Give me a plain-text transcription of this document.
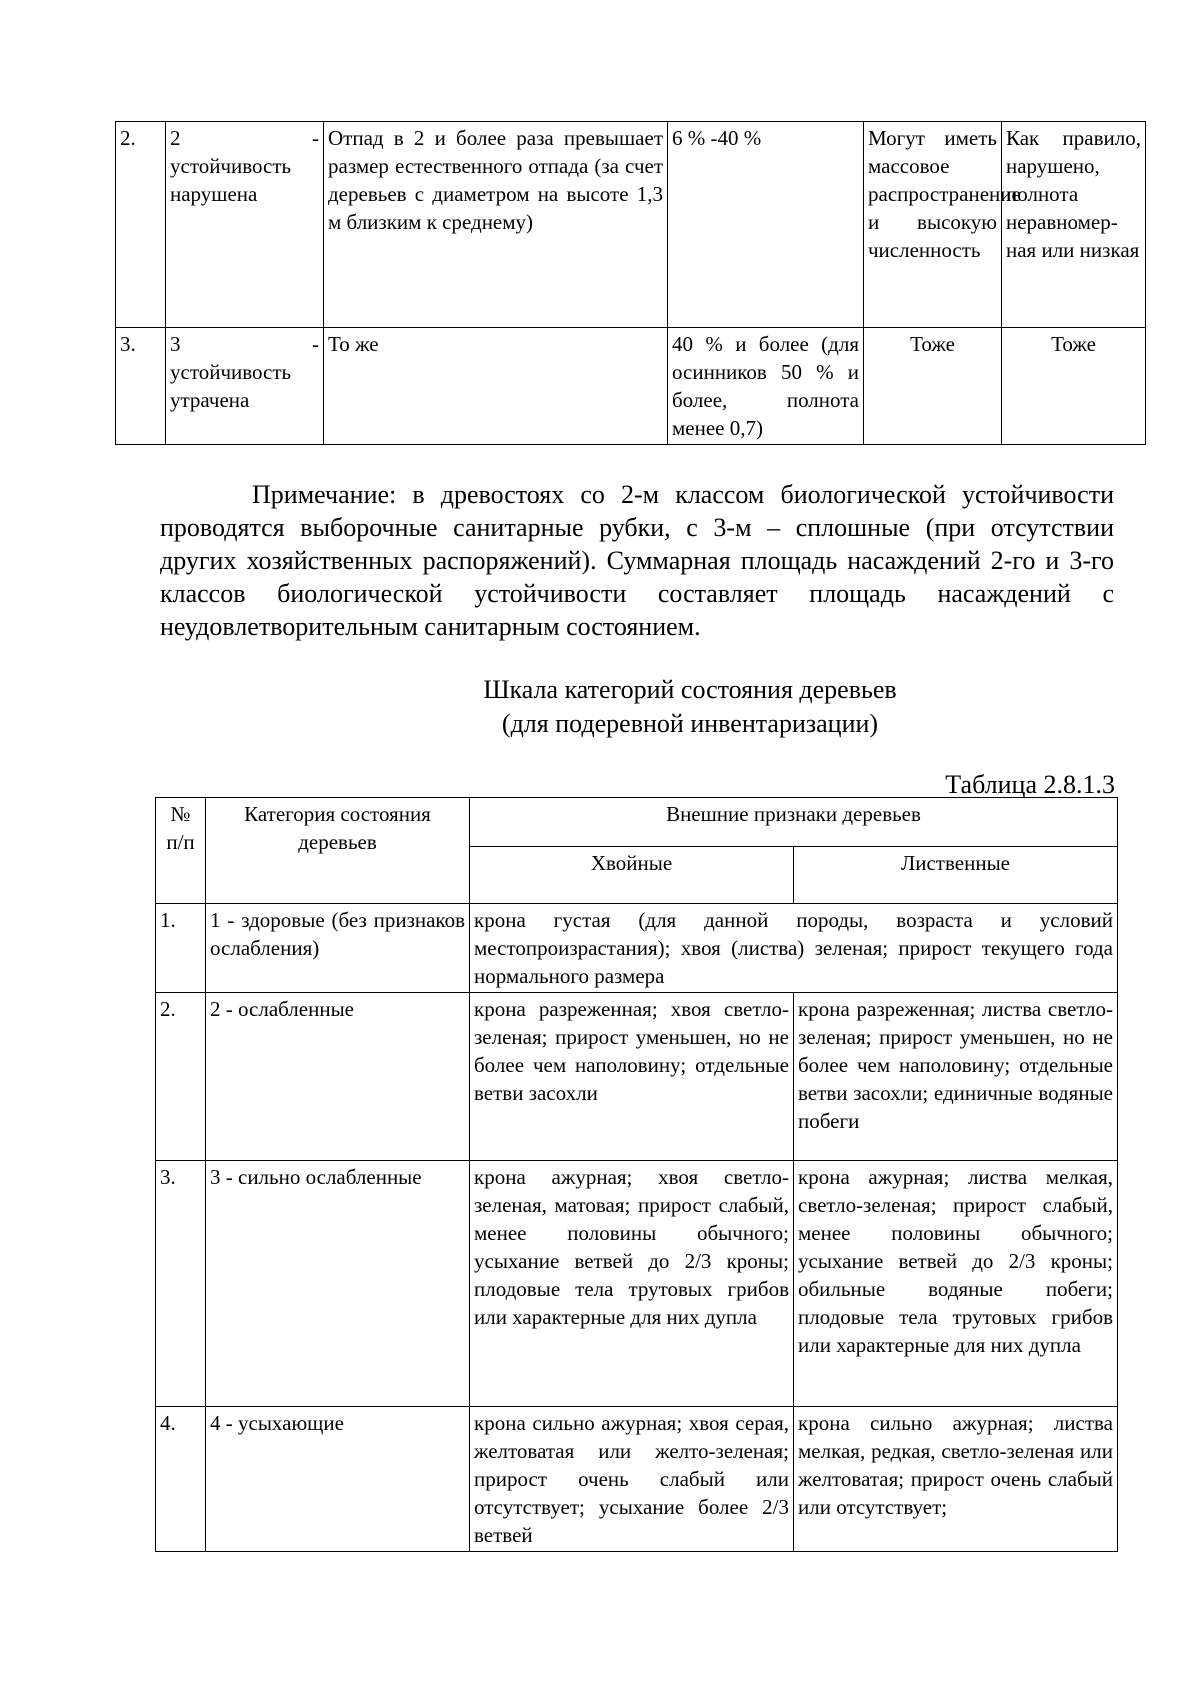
2.	2 - устойчивость нарушена	Отпад в 2 и более раза превышает размер естественного отпада (за счет деревьев с диаметром на высоте 1,3 м близким к среднему)	6 % -40 %	Могут иметь массовое распространение и высокую численность	Как правило, нарушено, полнота неравномер- ная или низкая
3.	3 - устойчивость утрачена	То же	40 % и более (для осинников 50 % и более, полнота менее 0,7)	Тоже	Тоже

Примечание: в древостоях со 2-м классом биологической устойчивости проводятся выборочные санитарные рубки, с 3-м – сплошные (при отсутствии других хозяйственных распоряжений). Суммарная площадь насаждений 2-го и 3-го классов биологической устойчивости составляет площадь насаждений с неудовлетворительным санитарным состоянием.

Шкала категорий состояния деревьев
(для подеревной инвентаризации)
Таблица 2.8.1.3
№ п/п	Категория состояния деревьев	Внешние признаки деревьев	
		Хвойные	Лиственные
1.	1 - здоровые (без признаков ослабления)	крона густая (для данной породы, возраста и условий местопроизрастания); хвоя (листва) зеленая; прирост текущего года нормального размера	
2.	2 - ослабленные	крона разреженная; хвоя светло- зеленая; прирост уменьшен, но не более чем наполовину; отдельные ветви засохли	крона разреженная; листва светло-зеленая; прирост уменьшен, но не более чем наполовину; отдельные ветви засохли; единичные водяные побеги
3.	3 - сильно ослабленные	крона ажурная; хвоя светло-зеленая, матовая; прирост слабый, менее половины обычного; усыхание ветвей до 2/3 кроны; плодовые тела трутовых грибов или характерные для них дупла	крона ажурная; листва мелкая, светло-зеленая; прирост слабый, менее половины обычного; усыхание ветвей до 2/3 кроны; обильные водяные побеги; плодовые тела трутовых грибов или характерные для них дупла
4.	4 - усыхающие	крона сильно ажурная; хвоя серая, желтоватая или желто-зеленая; прирост очень слабый или отсутствует; усыхание более 2/3 ветвей	крона сильно ажурная; листва мелкая, редкая, светло-зеленая или желтоватая; прирост очень слабый или отсутствует;
